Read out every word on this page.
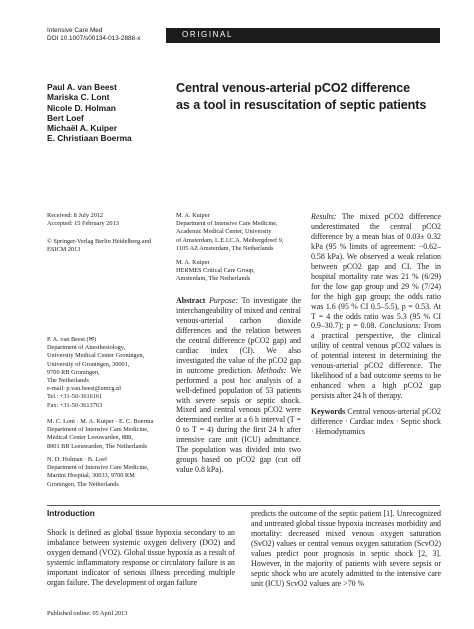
Intensive Care Med
DOI 10.1007/s00134-013-2888-x	ORIGINAL
Paul A. van Beest
Mariska C. Lont
Nicole D. Holman
Bert Loef
Michaël A. Kuiper
E. Christiaan Boerma
Central venous-arterial pCO2 difference
as a tool in resuscitation of septic patients
Received: 8 July 2012
Accepted: 15 February 2013
© Springer-Verlag Berlin Heidelberg and
ESICM 2013
P. A. van Beest (✉)
Department of Anesthesiology,
University Medical Center Groningen,
University of Groningen, 30001,
9700 RB Groningen,
The Netherlands
e-mail: p.van.beest@umcg.nl
Tel.: +31-50-3616161
Fax: +31-50-3613763
M. C. Lont · M. A. Kuiper · E. C. Boerma
Department of Intensive Care Medicine,
Medical Center Leeuwarden, 888,
8901 BR Leeuwarden, The Netherlands
N. D. Holman · B. Loef
Department of Intensive Care Medicine,
Martini Hospital, 30033, 9700 RM
Groningen, The Netherlands
M. A. Kuiper
Department of Intensive Care Medicine,
Academic Medical Center, University
of Amsterdam, L.E.I.C.A. Meibergdreef 9,
1105 AZ Amsterdam, The Netherlands
M. A. Kuiper
HERMES Critical Care Group,
Amsterdam, The Netherlands

Abstract Purpose: To investigate the interchangeability of mixed and central venous-arterial carbon dioxide differences and the relation between the central difference (pCO2 gap) and cardiac index (CI). We also investigated the value of the pCO2 gap in outcome prediction. Methods: We performed a post hoc analysis of a well-defined population of 53 patients with severe sepsis or septic shock. Mixed and central venous pCO2 were determined earlier at a 6 h interval (T = 0 to T = 4) during the first 24 h after intensive care unit (ICU) admittance. The population was divided into two groups based on pCO2 gap (cut off value 0.8 kPa).

Results: The mixed pCO2 difference underestimated the central pCO2 difference by a mean bias of 0.03± 0.32 kPa (95 % limits of agreement: −0.62–0.58 kPa). We observed a weak relation between pCO2 gap and CI. The in hospital mortality rate was 21 % (6/29) for the low gap group and 29 % (7/24) for the high gap group; the odds ratio was 1.6 (95 % CI 0.5–5.5), p = 0.53. At T = 4 the odds ratio was 5.3 (95 % CI 0.9–30.7); p = 0.08. Conclusions: From a practical perspective, the clinical utility of central venous pCO2 values is of potential interest in determining the venous-arterial pCO2 difference. The likelihood of a bad outcome seems to be enhanced when a high pCO2 gap persists after 24 h of therapy.

Keywords Central venous-arterial pCO2 difference · Cardiac index · Septic shock · Hemodynamics

Introduction

Shock is defined as global tissue hypoxia secondary to an imbalance between systemic oxygen delivery (DO2) and oxygen demand (VO2). Global tissue hypoxia as a result of systemic inflammatory response or circulatory failure is an important indicator of serious illness preceding multiple organ failure. The development of organ failure

predicts the outcome of the septic patient [1]. Unrecognized and untreated global tissue hypoxia increases morbidity and mortality: decreased mixed venous oxygen saturation (SvO2) values or central venous oxygen saturation (ScvO2) values predict poor prognosis in septic shock [2, 3]. However, in the majority of patients with severe sepsis or septic shock who are acutely admitted to the intensive care unit (ICU) ScvO2 values are >70 %

Published online: 05 April 2013
